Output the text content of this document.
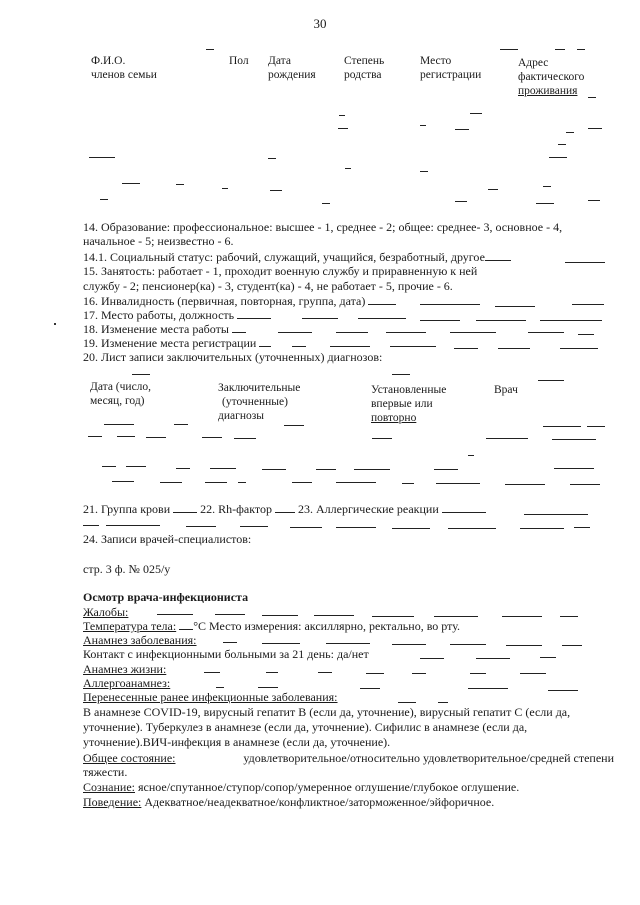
30
Ф.И.О.
членов семьи
Пол Дата
рождения
Степень
родства
Место
регистрации
Адрес
фактического
проживания
14. Образование: профессиональное: высшее - 1, среднее - 2; общее: среднее- 3, основное - 4,
начальное - 5; неизвестно - 6.
14.1. Социальный статус: рабочий, служащий, учащийся, безработный, другое
15. Занятость: работает - 1, проходит военную службу и приравненную к ней
службу - 2; пенсионер(ка) - 3, студент(ка) - 4, не работает - 5, прочие - 6.
16. Инвалидность (первичная, повторная, группа, дата)
17. Место работы, должность
18. Изменение места работы
19. Изменение места регистрации
20. Лист записи заключительных (уточненных) диагнозов:
Дата (число,
месяц, год)
Заключительные
(уточненные)
диагнозы
Установленные
впервые или
повторно
Врач
21. Группа крови	22. Rh-фактор 23. Аллергические реакции
24. Записи врачей-специалистов:
стр. 3 ф. № 025/у
Осмотр врача-инфекциониста
Жалобы:
Температура тела: °С Место измерения: аксиллярно, ректально, во рту.
Анамнез заболевания:
Контакт с инфекционными больными за 21 день: да/нет
Анамнез жизни:
Аллергоанамнез:
Перенесенные ранее инфекционные заболевания:
В анамнезе COVID-19, вирусный гепатит В (если да, уточнение), вирусный гепатит С (если да,
уточнение). Туберкулез в анамнезе (если да, уточнение). Сифилис в анамнезе (если да,
уточнение).ВИЧ-инфекция в анамнезе (если да, уточнение).
Общее состояние:	удовлетворительное/относительно удовлетворительное/средней степени
тяжести.
Сознание: ясное/спутанное/ступор/сопор/умеренное оглушение/глубокое оглушение.
Поведение: Адекватное/неадекватное/конфликтное/заторможенное/эйфоричное.
